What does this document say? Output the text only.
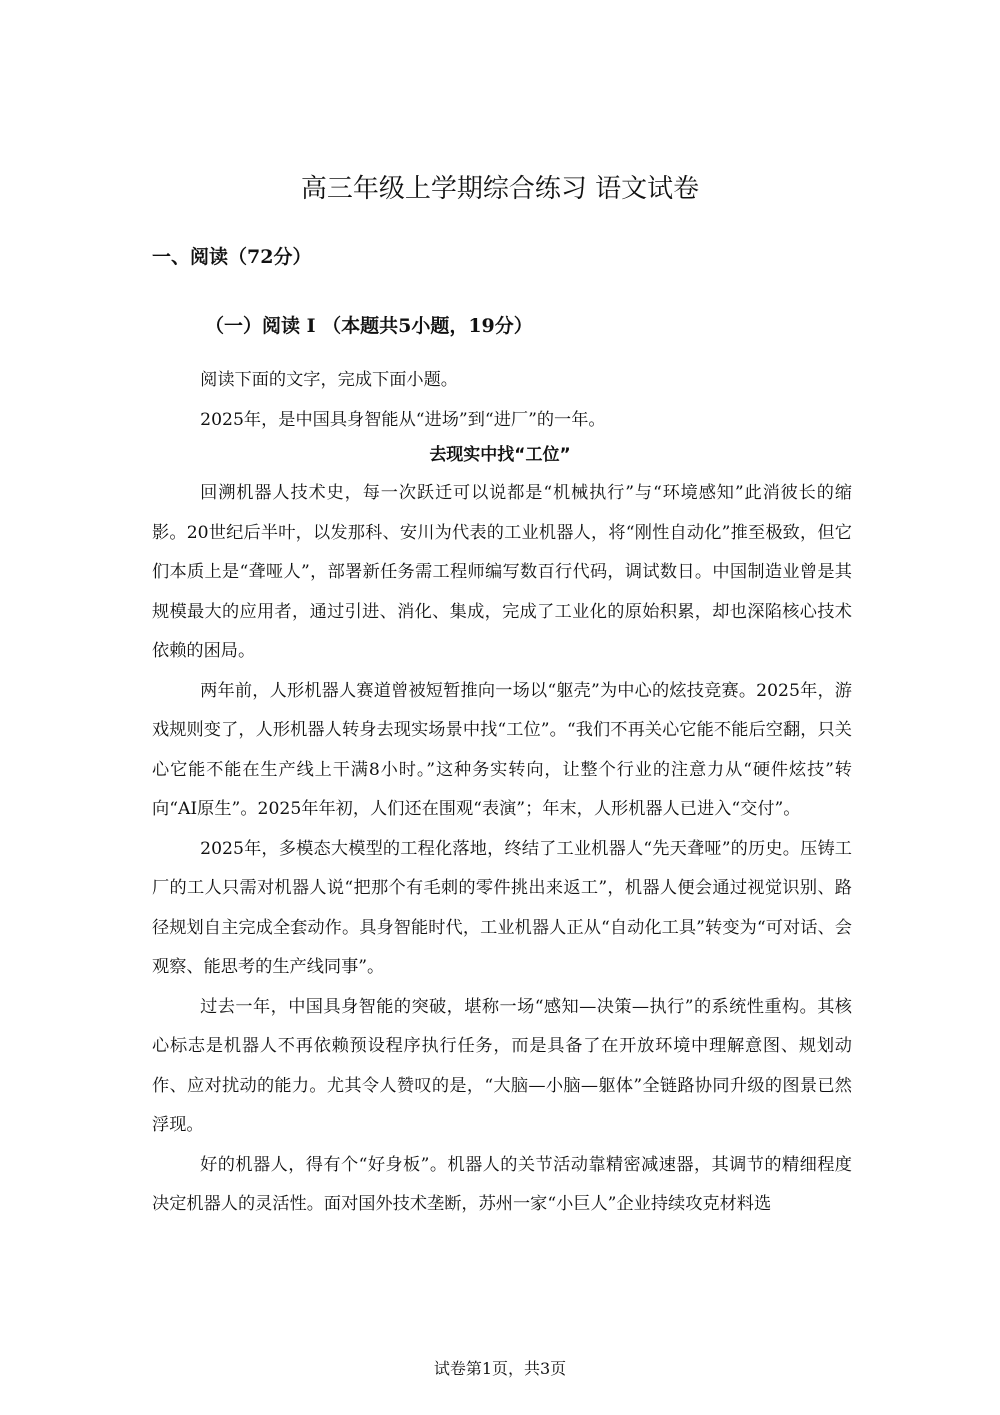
高三年级上学期综合练习 语文试卷
一、阅读（72分）
（一）阅读 I （本题共5小题，19分）

阅读下面的文字，完成下面小题。

2025年，是中国具身智能从“进场”到“进厂”的一年。

去现实中找“工位”

回溯机器人技术史，每一次跃迁可以说都是“机械执行”与“环境感知”此消彼长的缩影。20世纪后半叶，以发那科、安川为代表的工业机器人，将“刚性自动化”推至极致，但它们本质上是“聋哑人”，部署新任务需工程师编写数百行代码，调试数日。中国制造业曾是其规模最大的应用者，通过引进、消化、集成，完成了工业化的原始积累，却也深陷核心技术依赖的困局。

两年前，人形机器人赛道曾被短暂推向一场以“躯壳”为中心的炫技竞赛。2025年，游戏规则变了，人形机器人转身去现实场景中找“工位”。“我们不再关心它能不能后空翻，只关心它能不能在生产线上干满8小时。”这种务实转向，让整个行业的注意力从“硬件炫技”转向“AI原生”。2025年年初，人们还在围观“表演”；年末，人形机器人已进入“交付”。

2025年，多模态大模型的工程化落地，终结了工业机器人“先天聋哑”的历史。压铸工厂的工人只需对机器人说“把那个有毛刺的零件挑出来返工”，机器人便会通过视觉识别、路径规划自主完成全套动作。具身智能时代，工业机器人正从“自动化工具”转变为“可对话、会观察、能思考的生产线同事”。

过去一年，中国具身智能的突破，堪称一场“感知—决策—执行”的系统性重构。其核心标志是机器人不再依赖预设程序执行任务，而是具备了在开放环境中理解意图、规划动作、应对扰动的能力。尤其令人赞叹的是，“大脑—小脑—躯体”全链路协同升级的图景已然浮现。

好的机器人，得有个“好身板”。机器人的关节活动靠精密减速器，其调节的精细程度决定机器人的灵活性。面对国外技术垄断，苏州一家“小巨人”企业持续攻克材料选

试卷第1页，共3页
